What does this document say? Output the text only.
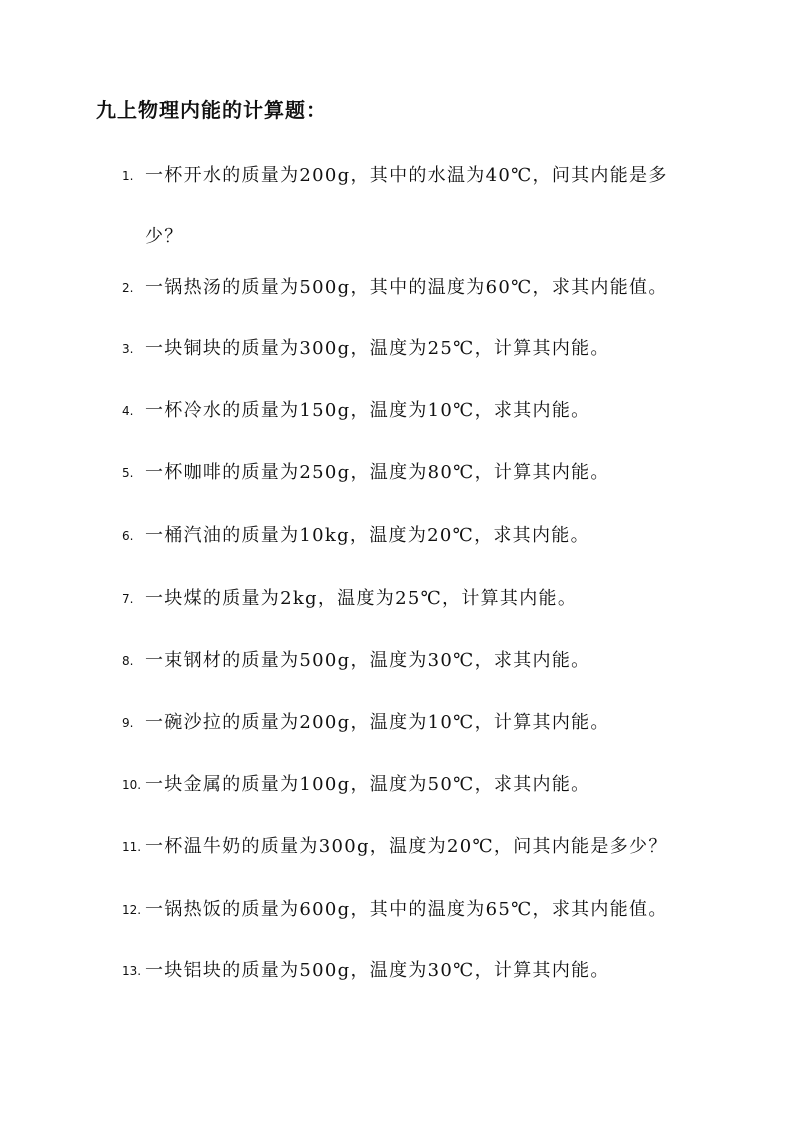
九上物理内能的计算题：
1. 一杯开水的质量为200g，其中的水温为40℃，问其内能是多少？
2. 一锅热汤的质量为500g，其中的温度为60℃，求其内能值。
3. 一块铜块的质量为300g，温度为25℃，计算其内能。
4. 一杯冷水的质量为150g，温度为10℃，求其内能。
5. 一杯咖啡的质量为250g，温度为80℃，计算其内能。
6. 一桶汽油的质量为10kg，温度为20℃，求其内能。
7. 一块煤的质量为2kg，温度为25℃，计算其内能。
8. 一束钢材的质量为500g，温度为30℃，求其内能。
9. 一碗沙拉的质量为200g，温度为10℃，计算其内能。
10. 一块金属的质量为100g，温度为50℃，求其内能。
11. 一杯温牛奶的质量为300g，温度为20℃，问其内能是多少？
12. 一锅热饭的质量为600g，其中的温度为65℃，求其内能值。
13. 一块铝块的质量为500g，温度为30℃，计算其内能。
